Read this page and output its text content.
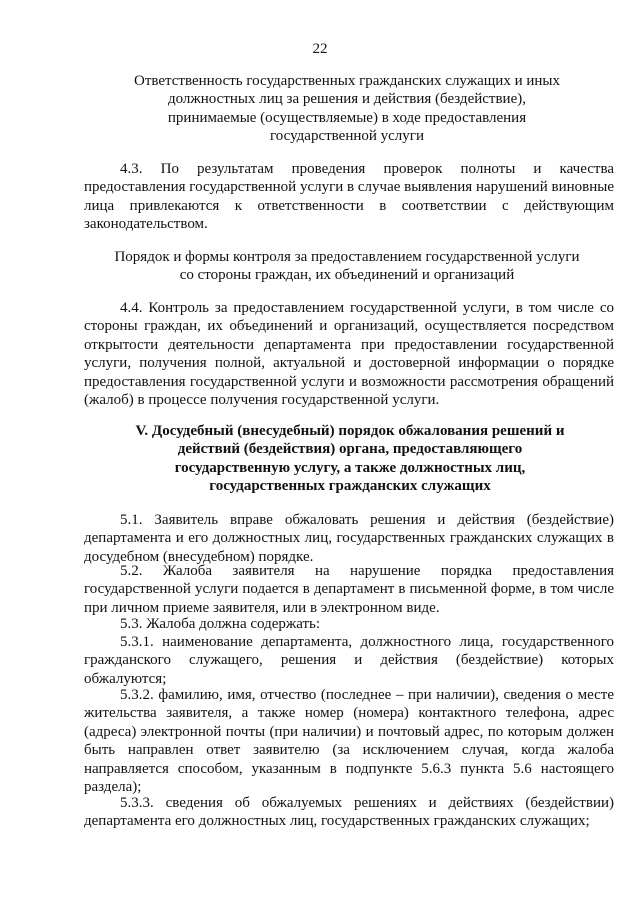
22
Ответственность государственных гражданских служащих и иных должностных лиц за решения и действия (бездействие), принимаемые (осуществляемые) в ходе предоставления государственной услуги
4.3. По результатам проведения проверок полноты и качества предоставления государственной услуги в случае выявления нарушений виновные лица привлекаются к ответственности в соответствии с действующим законодательством.
Порядок и формы контроля за предоставлением государственной услуги со стороны граждан, их объединений и организаций
4.4. Контроль за предоставлением государственной услуги, в том числе со стороны граждан, их объединений и организаций, осуществляется посредством открытости деятельности департамента при предоставлении государственной услуги, получения полной, актуальной и достоверной информации о порядке предоставления государственной услуги и возможности рассмотрения обращений (жалоб) в процессе получения государственной услуги.
V. Досудебный (внесудебный) порядок обжалования решений и действий (бездействия) органа, предоставляющего государственную услугу, а также должностных лиц, государственных гражданских служащих
5.1. Заявитель вправе обжаловать решения и действия (бездействие) департамента и его должностных лиц, государственных гражданских служащих в досудебном (внесудебном) порядке.
5.2. Жалоба заявителя на нарушение порядка предоставления государственной услуги подается в департамент в письменной форме, в том числе при личном приеме заявителя, или в электронном виде.
5.3. Жалоба должна содержать:
5.3.1. наименование департамента, должностного лица, государственного гражданского служащего, решения и действия (бездействие) которых обжалуются;
5.3.2. фамилию, имя, отчество (последнее – при наличии), сведения о месте жительства заявителя, а также номер (номера) контактного телефона, адрес (адреса) электронной почты (при наличии) и почтовый адрес, по которым должен быть направлен ответ заявителю (за исключением случая, когда жалоба направляется способом, указанным в подпункте 5.6.3 пункта 5.6 настоящего раздела);
5.3.3. сведения об обжалуемых решениях и действиях (бездействии) департамента его должностных лиц, государственных гражданских служащих;
